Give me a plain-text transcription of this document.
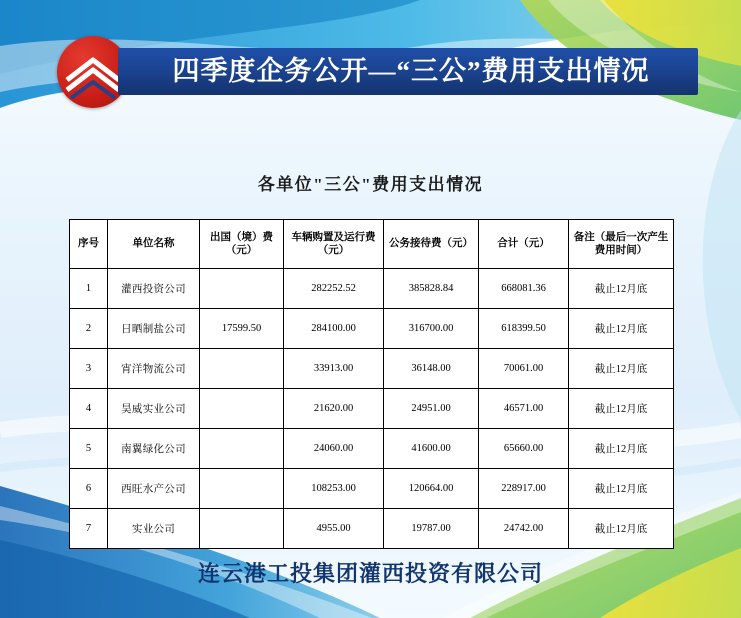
四季度企务公开—“三公”费用支出情况
各单位"三公"费用支出情况
序号	单位名称	出国（境）费（元）	车辆购置及运行费（元）	公务接待费（元）	合计（元）	备注（最后一次产生费用时间）
1	灌西投资公司		282252.52	385828.84	668081.36	截止12月底
2	日晒制盐公司	17599.50	284100.00	316700.00	618399.50	截止12月底
3	宵洋物流公司		33913.00	36148.00	70061.00	截止12月底
4	昊威实业公司		21620.00	24951.00	46571.00	截止12月底
5	南翼绿化公司		24060.00	41600.00	65660.00	截止12月底
6	西旺水产公司		108253.00	120664.00	228917.00	截止12月底
7	实业公司		4955.00	19787.00	24742.00	截止12月底
连云港工投集团灌西投资有限公司
